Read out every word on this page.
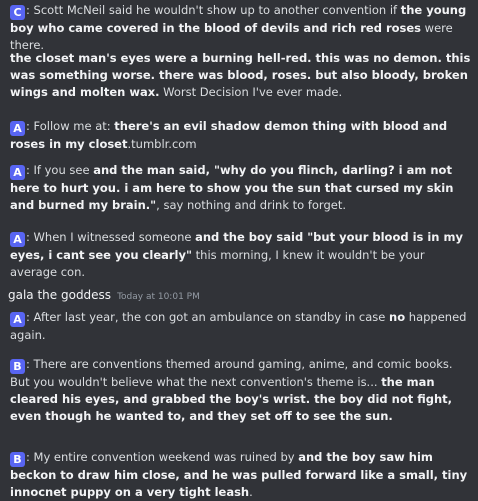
C : Scott McNeil said he wouldn't show up to another convention if the young boy who came covered in the blood of devils and rich red roses were there.

the closet man's eyes were a burning hell-red. this was no demon. this was something worse. there was blood, roses. but also bloody, broken wings and molten wax. Worst Decision I've ever made.

A : Follow me at: there's an evil shadow demon thing with blood and roses in my closet.tumblr.com

A : If you see and the man said, "why do you flinch, darling? i am not here to hurt you. i am here to show you the sun that cursed my skin and burned my brain.", say nothing and drink to forget.

A : When I witnessed someone and the boy said "but your blood is in my eyes, i cant see you clearly" this morning, I knew it wouldn't be your average con.

gala the goddess Today at 10:01 PM

A : After last year, the con got an ambulance on standby in case no happened again.

B : There are conventions themed around gaming, anime, and comic books. But you wouldn't believe what the next convention's theme is... the man cleared his eyes, and grabbed the boy's wrist. the boy did not fight, even though he wanted to, and they set off to see the sun.

B : My entire convention weekend was ruined by and the boy saw him beckon to draw him close, and he was pulled forward like a small, tiny innocnet puppy on a very tight leash.
